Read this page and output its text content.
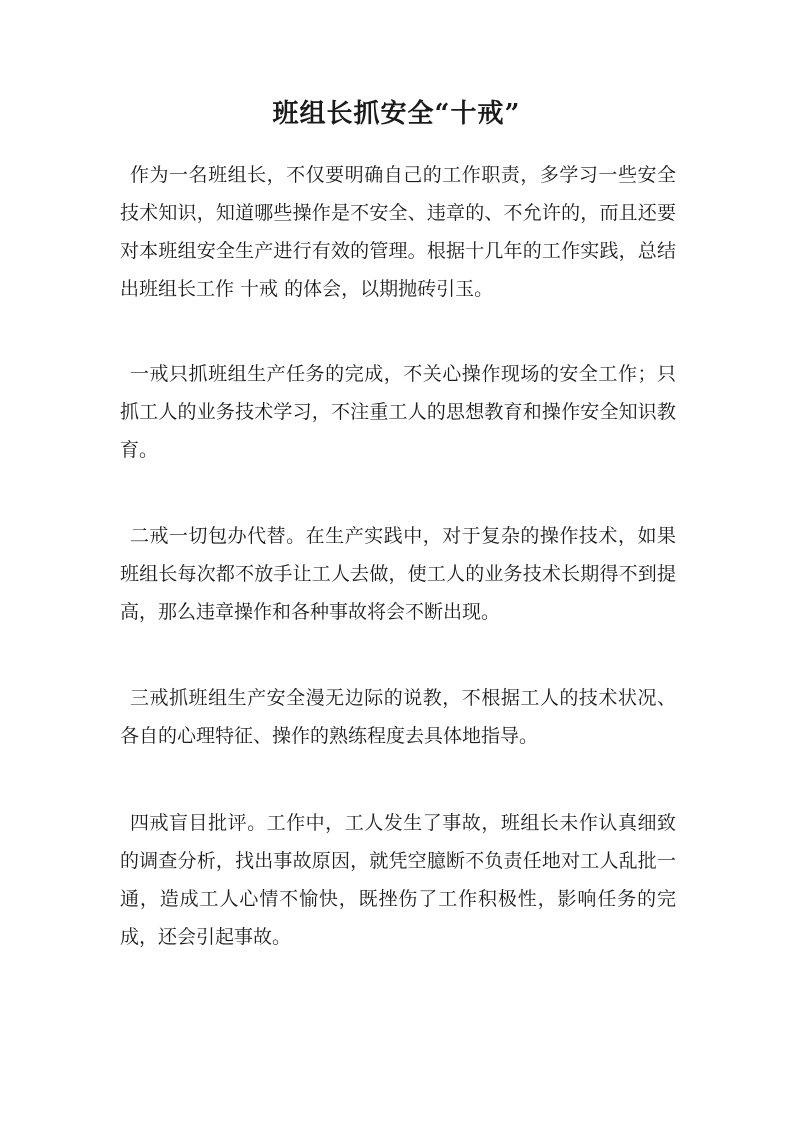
班组长抓安全“十戒”

作为一名班组长，不仅要明确自己的工作职责，多学习一些安全技术知识，知道哪些操作是不安全、违章的、不允许的，而且还要对本班组安全生产进行有效的管理。根据十几年的工作实践，总结出班组长工作 十戒 的体会，以期抛砖引玉。

一戒只抓班组生产任务的完成，不关心操作现场的安全工作；只抓工人的业务技术学习，不注重工人的思想教育和操作安全知识教育。

二戒一切包办代替。在生产实践中，对于复杂的操作技术，如果班组长每次都不放手让工人去做，使工人的业务技术长期得不到提高，那么违章操作和各种事故将会不断出现。

三戒抓班组生产安全漫无边际的说教，不根据工人的技术状况、各自的心理特征、操作的熟练程度去具体地指导。

四戒盲目批评。工作中，工人发生了事故，班组长未作认真细致的调查分析，找出事故原因，就凭空臆断不负责任地对工人乱批一通，造成工人心情不愉快，既挫伤了工作积极性，影响任务的完成，还会引起事故。
